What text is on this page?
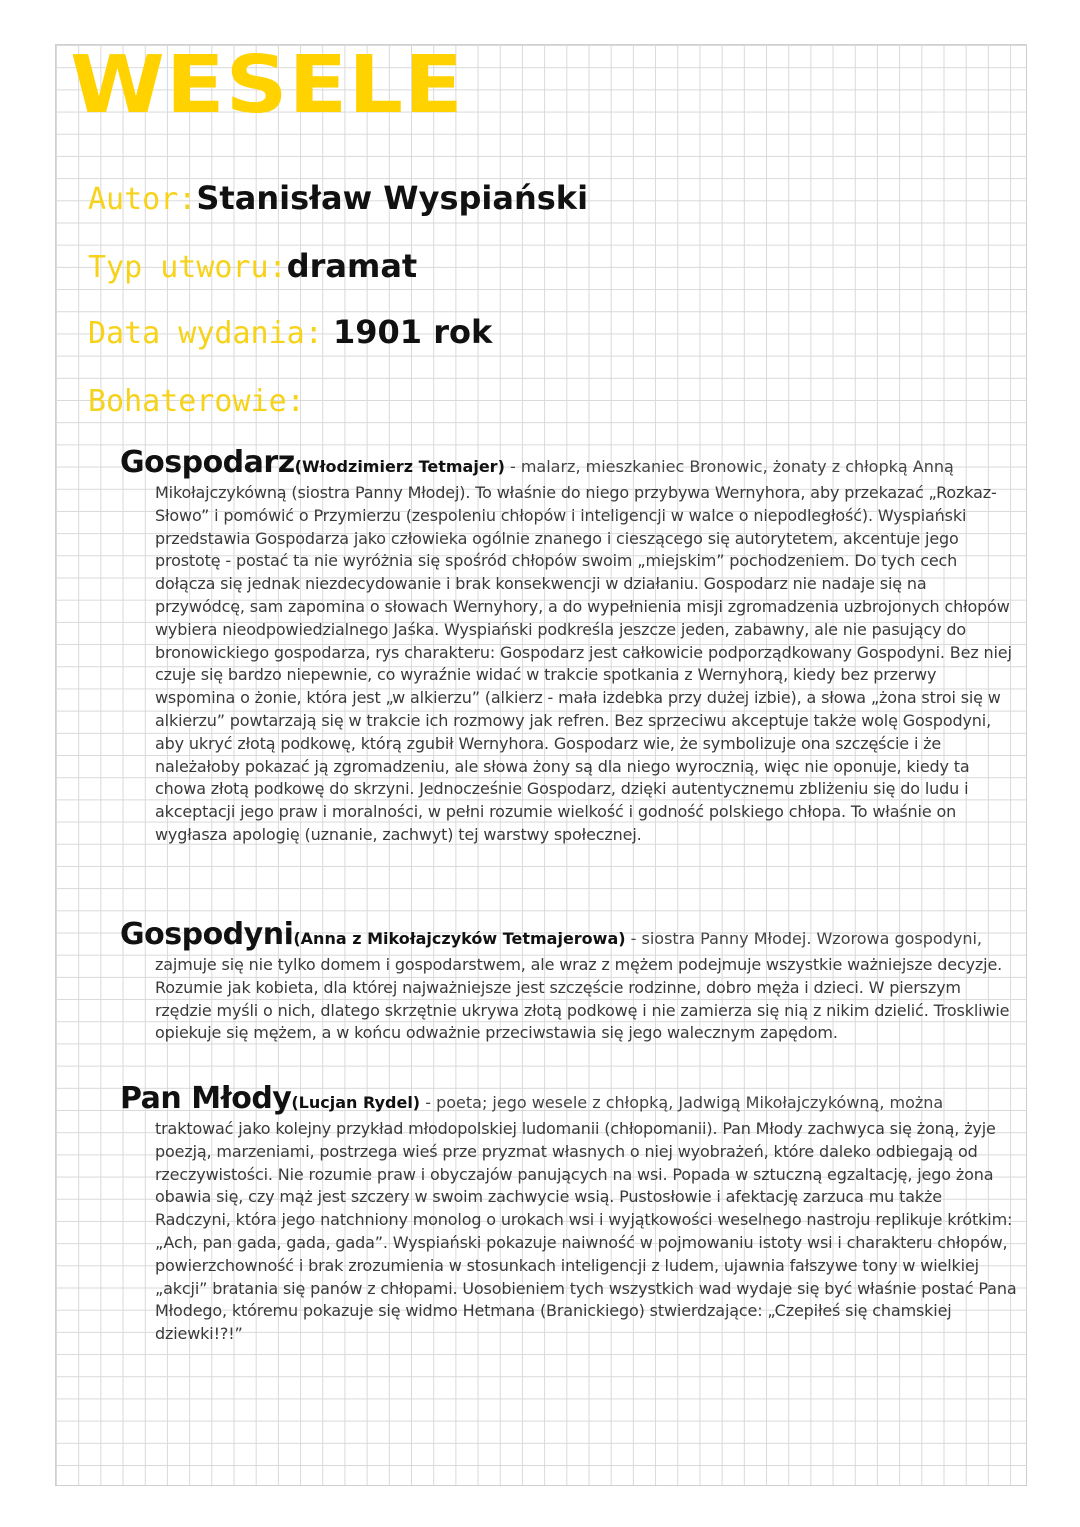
WESELE
Autor:Stanisław Wyspiański
Typ utworu:dramat
Data wydania: 1901 rok
Bohaterowie:
Gospodarz(Włodzimierz Tetmajer) - malarz, mieszkaniec Bronowic, żonaty z chłopką Anną
Mikołajczykówną (siostra Panny Młodej). To właśnie do niego przybywa Wernyhora, aby przekazać „Rozkaz-Słowo” i pomówić o Przymierzu (zespoleniu chłopów i inteligencji w walce o niepodległość). Wyspiański przedstawia Gospodarza jako człowieka ogólnie znanego i cieszącego się autorytetem, akcentuje jego prostotę - postać ta nie wyróżnia się spośród chłopów swoim „miejskim” pochodzeniem. Do tych cech dołącza się jednak niezdecydowanie i brak konsekwencji w działaniu. Gospodarz nie nadaje się na przywódcę, sam zapomina o słowach Wernyhory, a do wypełnienia misji zgromadzenia uzbrojonych chłopów wybiera nieodpowiedzialnego Jaśka. Wyspiański podkreśla jeszcze jeden, zabawny, ale nie pasujący do bronowickiego gospodarza, rys charakteru: Gospodarz jest całkowicie podporządkowany Gospodyni. Bez niej czuje się bardzo niepewnie, co wyraźnie widać w trakcie spotkania z Wernyhorą, kiedy bez przerwy wspomina o żonie, która jest „w alkierzu” (alkierz - mała izdebka przy dużej izbie), a słowa „żona stroi się w alkierzu” powtarzają się w trakcie ich rozmowy jak refren. Bez sprzeciwu akceptuje także wolę Gospodyni, aby ukryć złotą podkowę, którą zgubił Wernyhora. Gospodarz wie, że symbolizuje ona szczęście i że należałoby pokazać ją zgromadzeniu, ale słowa żony są dla niego wyrocznią, więc nie oponuje, kiedy ta chowa złotą podkowę do skrzyni. Jednocześnie Gospodarz, dzięki autentycznemu zbliżeniu się do ludu i akceptacji jego praw i moralności, w pełni rozumie wielkość i godność polskiego chłopa. To właśnie on wygłasza apologię (uznanie, zachwyt) tej warstwy społecznej.
Gospodyni(Anna z Mikołajczyków Tetmajerowa) - siostra Panny Młodej. Wzorowa gospodyni,
zajmuje się nie tylko domem i gospodarstwem, ale wraz z mężem podejmuje wszystkie ważniejsze decyzje. Rozumie jak kobieta, dla której najważniejsze jest szczęście rodzinne, dobro męża i dzieci. W pierszym rzędzie myśli o nich, dlatego skrzętnie ukrywa złotą podkowę i nie zamierza się nią z nikim dzielić. Troskliwie opiekuje się mężem, a w końcu odważnie przeciwstawia się jego walecznym zapędom.
Pan Młody(Lucjan Rydel) - poeta; jego wesele z chłopką, Jadwigą Mikołajczykówną, można
traktować jako kolejny przykład młodopolskiej ludomanii (chłopomanii). Pan Młody zachwyca się żoną, żyje poezją, marzeniami, postrzega wieś prze pryzmat własnych o niej wyobrażeń, które daleko odbiegają od rzeczywistości. Nie rozumie praw i obyczajów panujących na wsi. Popada w sztuczną egzaltację, jego żona obawia się, czy mąż jest szczery w swoim zachwycie wsią. Pustosłowie i afektację zarzuca mu także Radczyni, która jego natchniony monolog o urokach wsi i wyjątkowości weselnego nastroju replikuje krótkim: „Ach, pan gada, gada, gada”. Wyspiański pokazuje naiwność w pojmowaniu istoty wsi i charakteru chłopów, powierzchowność i brak zrozumienia w stosunkach inteligencji z ludem, ujawnia fałszywe tony w wielkiej „akcji” bratania się panów z chłopami. Uosobieniem tych wszystkich wad wydaje się być właśnie postać Pana Młodego, któremu pokazuje się widmo Hetmana (Branickiego) stwierdzające: „Czepiłeś się chamskiej dziewki!?!”
